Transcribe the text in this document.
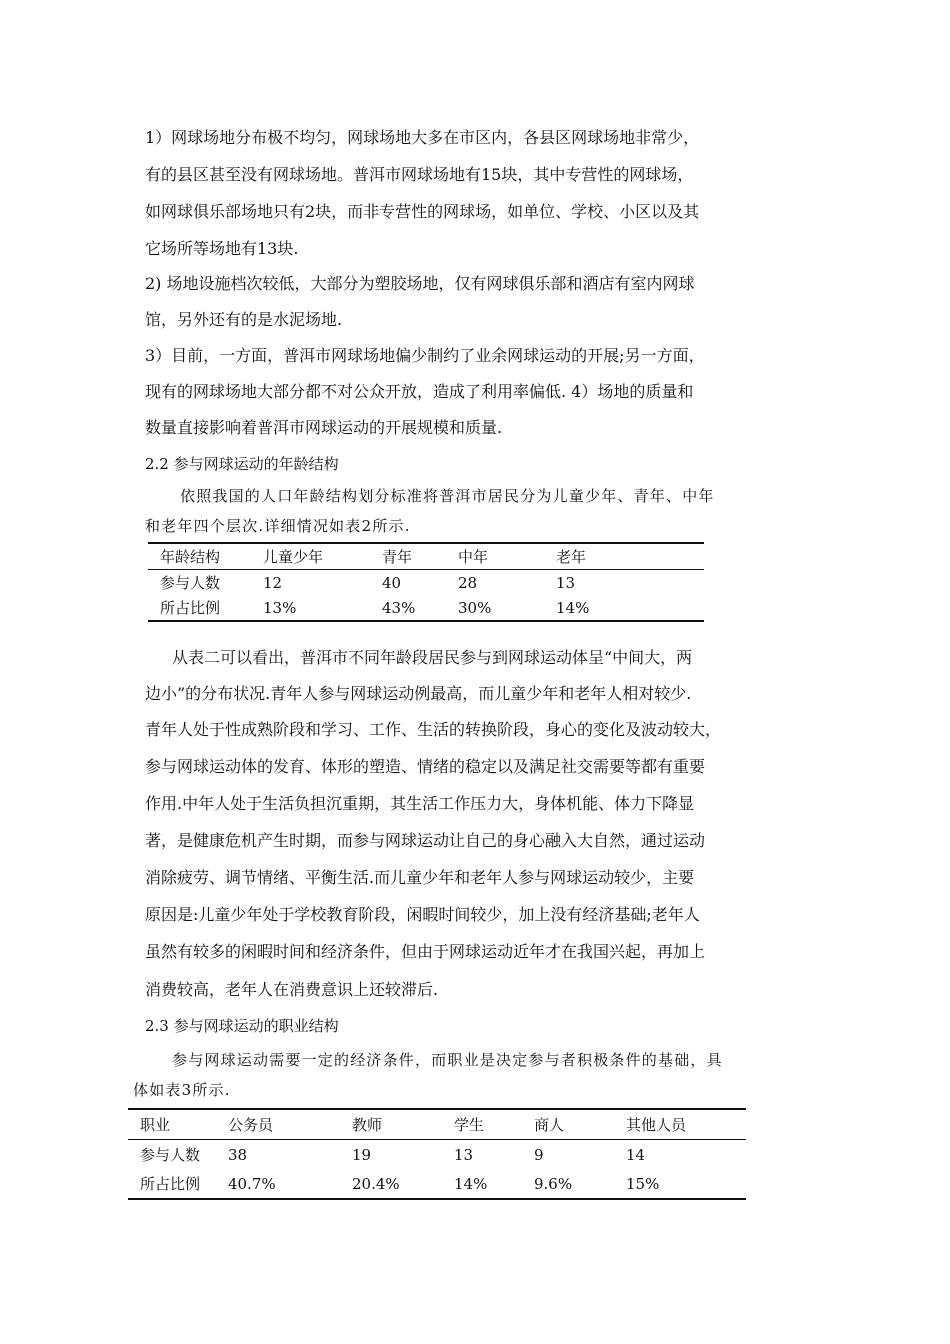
1）网球场地分布极不均匀，网球场地大多在市区内，各县区网球场地非常少，
有的县区甚至没有网球场地。普洱市网球场地有15块，其中专营性的网球场，
如网球俱乐部场地只有2块，而非专营性的网球场，如单位、学校、小区以及其
它场所等场地有13块.
2) 场地设施档次较低，大部分为塑胶场地，仅有网球俱乐部和酒店有室内网球
馆，另外还有的是水泥场地.
3）目前，一方面，普洱市网球场地偏少制约了业余网球运动的开展;另一方面，
现有的网球场地大部分都不对公众开放，造成了利用率偏低. 4）场地的质量和
数量直接影响着普洱市网球运动的开展规模和质量.
2.2 参与网球运动的年龄结构
依照我国的人口年龄结构划分标准将普洱市居民分为儿童少年、青年、中年
和老年四个层次.详细情况如表2所示.
年龄结构	儿童少年	青年	中年	老年
参与人数	12	40	28	13
所占比例	13%	43%	30%	14%
从表二可以看出，普洱市不同年龄段居民参与到网球运动体呈“中间大，两
边小”的分布状况.青年人参与网球运动例最高，而儿童少年和老年人相对较少.
青年人处于性成熟阶段和学习、工作、生活的转换阶段，身心的变化及波动较大，
参与网球运动体的发育、体形的塑造、情绪的稳定以及满足社交需要等都有重要
作用.中年人处于生活负担沉重期，其生活工作压力大，身体机能、体力下降显
著，是健康危机产生时期，而参与网球运动让自己的身心融入大自然，通过运动
消除疲劳、调节情绪、平衡生活.而儿童少年和老年人参与网球运动较少，主要
原因是:儿童少年处于学校教育阶段，闲暇时间较少，加上没有经济基础;老年人
虽然有较多的闲暇时间和经济条件，但由于网球运动近年才在我国兴起，再加上
消费较高，老年人在消费意识上还较滞后.
2.3 参与网球运动的职业结构
参与网球运动需要一定的经济条件，而职业是决定参与者积极条件的基础，具
体如表3所示.
职业	公务员	教师	学生	商人	其他人员
参与人数	38	19	13	9	14
所占比例	40.7%	20.4%	14%	9.6%	15%
